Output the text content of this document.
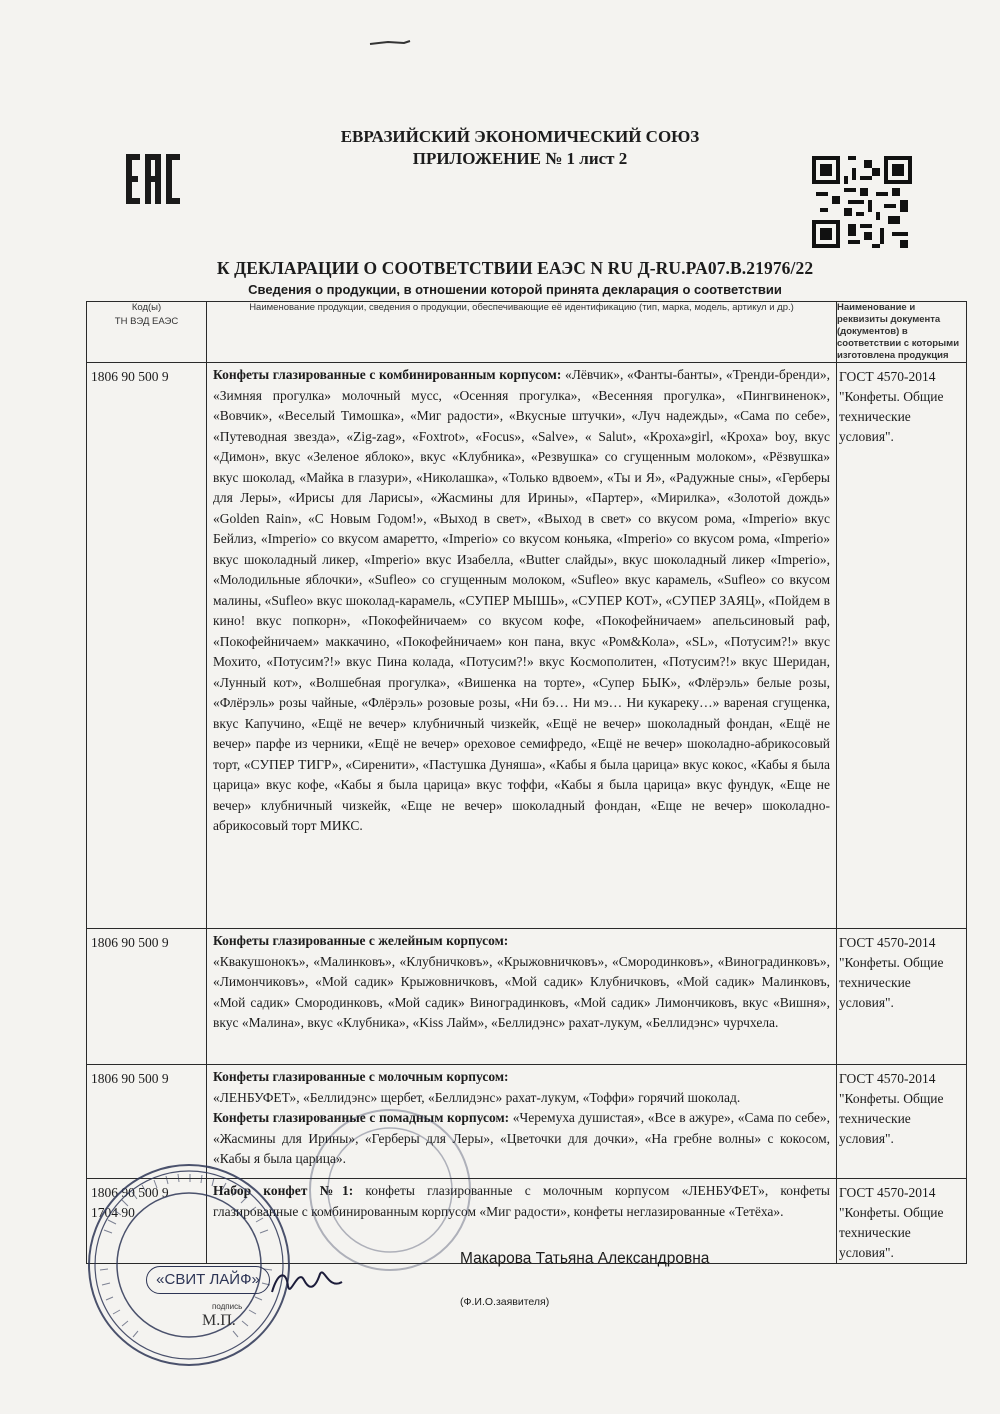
ЕВРАЗИЙСКИЙ ЭКОНОМИЧЕСКИЙ СОЮЗ
ПРИЛОЖЕНИЕ № 1 лист 2
К ДЕКЛАРАЦИИ О СООТВЕТСТВИИ ЕАЭС N RU Д-RU.PA07.B.21976/22
Сведения о продукции, в отношении которой принята декларация о соответствии
Код(ы)
ТН ВЭД ЕАЭС	Наименование продукции, сведения о продукции, обеспечивающие её идентификацию (тип, марка, модель, артикул и др.)	Наименование и реквизиты документа (документов) в соответствии с которыми изготовлена продукция

1806 90 500 9	Конфеты глазированные с комбинированным корпусом: «Лёвчик», «Фанты-банты», «Тренди-бренди», «Зимняя прогулка» молочный мусс, «Осенняя прогулка», «Весенняя прогулка», «Пингвиненок», «Вовчик», «Веселый Тимошка», «Миг радости», «Вкусные штучки», «Луч надежды», «Сама по себе», «Путеводная звезда», «Zig-zag», «Foxtrot», «Focus», «Salve», « Salut», «Кроха»girl, «Кроха» boy, вкус «Димон», вкус «Зеленое яблоко», вкус «Клубника», «Резвушка» со сгущенным молоком», «Рёзвушка» вкус шоколад, «Майка в глазури», «Николашка», «Только вдвоем», «Ты и Я», «Радужные сны», «Герберы для Леры», «Ирисы для Ларисы», «Жасмины для Ирины», «Партер», «Мирилка», «Золотой дождь» «Golden Rain», «С Новым Годом!», «Выход в свет», «Выход в свет» со вкусом рома, «Imperio» вкус Бейлиз, «Imperio» со вкусом амаретто, «Imperio» со вкусом коньяка, «Imperio» со вкусом рома, «Imperio» вкус шоколадный ликер, «Imperio» вкус Изабелла, «Butter слайды», вкус шоколадный ликер «Imperio», «Молодильные яблочки», «Sufleo» со сгущенным молоком, «Sufleo» вкус карамель, «Sufleo» со вкусом малины, «Sufleo» вкус шоколад-карамель, «СУПЕР МЫШЬ», «СУПЕР КОТ», «СУПЕР ЗАЯЦ», «Пойдем в кино! вкус попкорн», «Покофейничаем» со вкусом кофе, «Покофейничаем» апельсиновый раф, «Покофейничаем» маккачино, «Покофейничаем» кон пана, вкус «Ром&Кола», «SL», «Потусим?!» вкус Мохито, «Потусим?!» вкус Пина колада, «Потусим?!» вкус Космополитен, «Потусим?!» вкус Шеридан, «Лунный кот», «Волшебная прогулка», «Вишенка на торте», «Супер БЫК», «Флёрэль» белые розы, «Флёрэль» розы чайные, «Флёрэль» розовые розы, «Ни бэ… Ни мэ… Ни кукареку…» вареная сгущенка, вкус Капучино, «Ещё не вечер» клубничный чизкейк, «Ещё не вечер» шоколадный фондан, «Ещё не вечер» парфе из черники, «Ещё не вечер» ореховое семифредо, «Ещё не вечер» шоколадно-абрикосовый торт, «СУПЕР ТИГР», «Сиренити», «Пастушка Дуняша», «Кабы я была царица» вкус кокос, «Кабы я была царица» вкус кофе, «Кабы я была царица» вкус тоффи, «Кабы я была царица» вкус фундук, «Еще не вечер» клубничный чизкейк, «Еще не вечер» шоколадный фондан, «Еще не вечер» шоколадно-абрикосовый торт МИКС.	ГОСТ 4570-2014 "Конфеты. Общие технические условия".

1806 90 500 9	Конфеты глазированные с желейным корпусом:
«Квакушонокъ», «Малинковъ», «Клубничковъ», «Крыжовничковъ», «Смородинковъ», «Виноградинковъ», «Лимончиковъ», «Мой садик» Крыжовничковъ, «Мой садик» Клубничковъ, «Мой садик» Малинковъ, «Мой садик» Смородинковъ, «Мой садик» Виноградинковъ, «Мой садик» Лимончиковъ, вкус «Вишня», вкус «Малина», вкус «Клубника», «Kiss Лайм», «Беллидэнс» рахат-лукум, «Беллидэнс» чурчхела.	ГОСТ 4570-2014 "Конфеты. Общие технические условия".

1806 90 500 9	Конфеты глазированные с молочным корпусом:
«ЛЕНБУФЕТ», «Беллидэнс» щербет, «Беллидэнс» рахат-лукум, «Тоффи» горячий шоколад.
Конфеты глазированные с помадным корпусом: «Черемуха душистая», «Все в ажуре», «Сама по себе», «Жасмины для Ирины», «Герберы для Леры», «Цветочки для дочки», «На гребне волны» с кокосом, «Кабы я была царица».	ГОСТ 4570-2014 "Конфеты. Общие технические условия".

1806 90 500 9
1704 90	Набор конфет №1: конфеты глазированные с молочным корпусом «ЛЕНБУФЕТ», конфеты глазированные с комбинированным корпусом «Миг радости», конфеты неглазированные «Тетёха».	ГОСТ 4570-2014 "Конфеты. Общие технические условия".
«СВИТ ЛАЙФ»
подпись
М.П.
Макарова Татьяна Александровна
(Ф.И.О.заявителя)
